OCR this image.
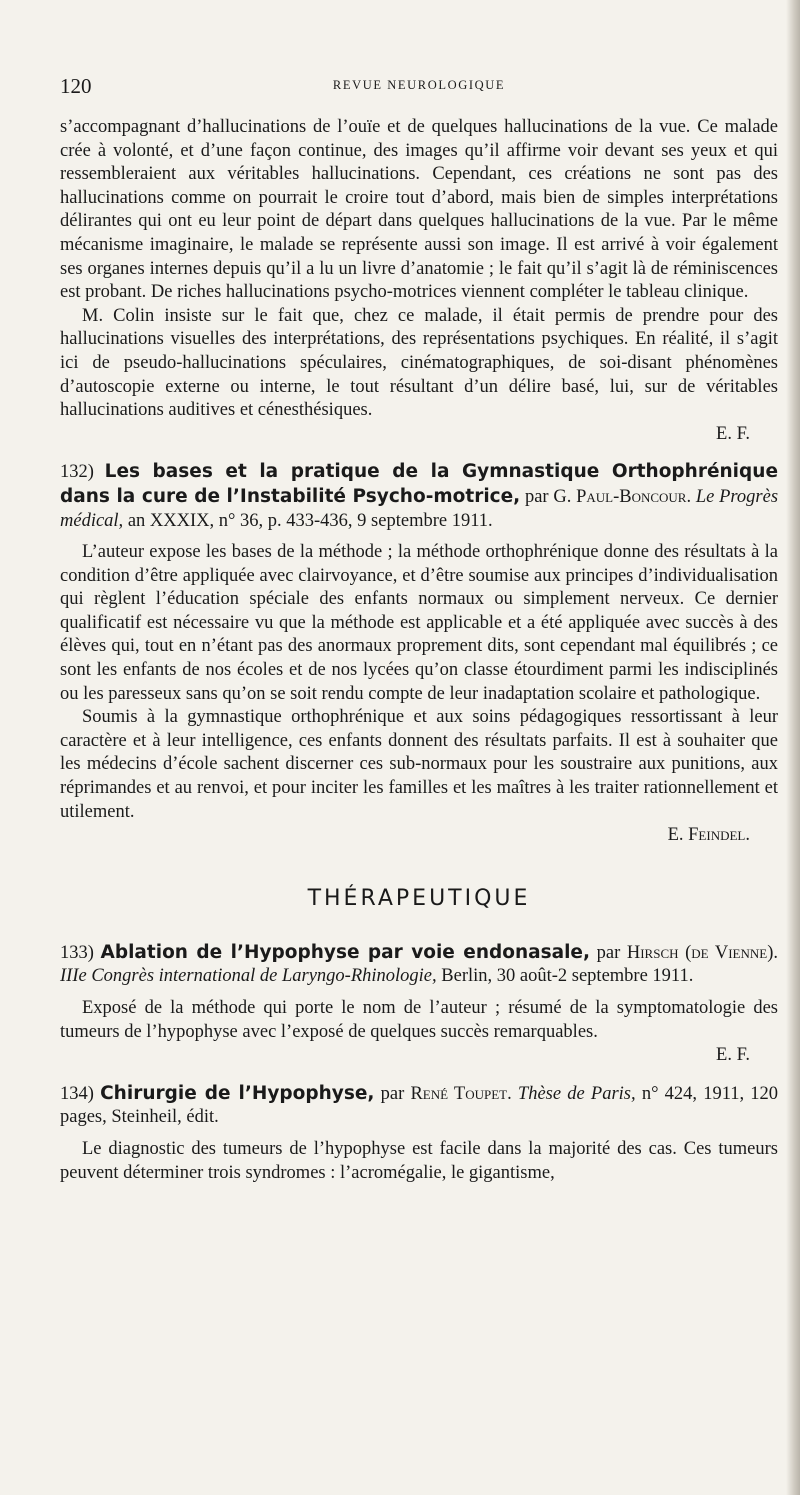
120	REVUE NEUROLOGIQUE

s’accompagnant d’hallucinations de l’ouïe et de quelques hallucinations de la vue. Ce malade crée à volonté, et d’une façon continue, des images qu’il affirme voir devant ses yeux et qui ressembleraient aux véritables hallucinations. Cependant, ces créations ne sont pas des hallucinations comme on pourrait le croire tout d’abord, mais bien de simples interprétations délirantes qui ont eu leur point de départ dans quelques hallucinations de la vue. Par le même mécanisme imaginaire, le malade se représente aussi son image. Il est arrivé à voir également ses organes internes depuis qu’il a lu un livre d’anatomie ; le fait qu’il s’agit là de réminiscences est probant. De riches hallucinations psycho-motrices viennent compléter le tableau clinique.

M. Colin insiste sur le fait que, chez ce malade, il était permis de prendre pour des hallucinations visuelles des interprétations, des représentations psychiques. En réalité, il s’agit ici de pseudo-hallucinations spéculaires, cinématographiques, de soi-disant phénomènes d’autoscopie externe ou interne, le tout résultant d’un délire basé, lui, sur de véritables hallucinations auditives et cénesthésiques.

E. F.

132) Les bases et la pratique de la Gymnastique Orthophrénique dans la cure de l’Instabilité Psycho-motrice, par G. Paul-Boncour. Le Progrès médical, an XXXIX, n° 36, p. 433-436, 9 septembre 1911.

L’auteur expose les bases de la méthode ; la méthode orthophrénique donne des résultats à la condition d’être appliquée avec clairvoyance, et d’être soumise aux principes d’individualisation qui règlent l’éducation spéciale des enfants normaux ou simplement nerveux. Ce dernier qualificatif est nécessaire vu que la méthode est applicable et a été appliquée avec succès à des élèves qui, tout en n’étant pas des anormaux proprement dits, sont cependant mal équilibrés ; ce sont les enfants de nos écoles et de nos lycées qu’on classe étourdiment parmi les indisciplinés ou les paresseux sans qu’on se soit rendu compte de leur inadaptation scolaire et pathologique.

Soumis à la gymnastique orthophrénique et aux soins pédagogiques ressortissant à leur caractère et à leur intelligence, ces enfants donnent des résultats parfaits. Il est à souhaiter que les médecins d’école sachent discerner ces sub-normaux pour les soustraire aux punitions, aux réprimandes et au renvoi, et pour inciter les familles et les maîtres à les traiter rationnellement et utilement.

E. Feindel.
THÉRAPEUTIQUE

133) Ablation de l’Hypophyse par voie endonasale, par Hirsch (de Vienne). IIIe Congrès international de Laryngo-Rhinologie, Berlin, 30 août-2 septembre 1911.

Exposé de la méthode qui porte le nom de l’auteur ; résumé de la symptomatologie des tumeurs de l’hypophyse avec l’exposé de quelques succès remarquables.

E. F.

134) Chirurgie de l’Hypophyse, par René Toupet. Thèse de Paris, n° 424, 1911, 120 pages, Steinheil, édit.

Le diagnostic des tumeurs de l’hypophyse est facile dans la majorité des cas. Ces tumeurs peuvent déterminer trois syndromes : l’acromégalie, le gigantisme,
